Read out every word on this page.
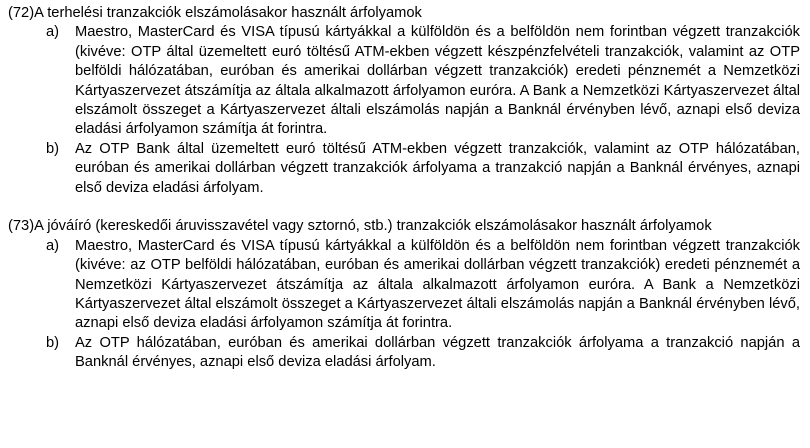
(72)A terhelési tranzakciók elszámolásakor használt árfolyamok
a) Maestro, MasterCard és VISA típusú kártyákkal a külföldön és a belföldön nem forintban végzett tranzakciók (kivéve: OTP által üzemeltett euró töltésű ATM-ekben végzett készpénzfelvételi tranzakciók, valamint az OTP belföldi hálózatában, euróban és amerikai dollárban végzett tranzakciók) eredeti pénznemét a Nemzetközi Kártyaszervezet átszámítja az általa alkalmazott árfolyamon euróra. A Bank a Nemzetközi Kártyaszervezet által elszámolt összeget a Kártyaszervezet általi elszámolás napján a Banknál érvényben lévő, aznapi első deviza eladási árfolyamon számítja át forintra.
b) Az OTP Bank által üzemeltett euró töltésű ATM-ekben végzett tranzakciók, valamint az OTP hálózatában, euróban és amerikai dollárban végzett tranzakciók árfolyama a tranzakció napján a Banknál érvényes, aznapi első deviza eladási árfolyam.
(73)A jóváíró (kereskedői áruvisszavétel vagy sztornó, stb.) tranzakciók elszámolásakor használt árfolyamok
a) Maestro, MasterCard és VISA típusú kártyákkal a külföldön és a belföldön nem forintban végzett tranzakciók (kivéve: az OTP belföldi hálózatában, euróban és amerikai dollárban végzett tranzakciók) eredeti pénznemét a Nemzetközi Kártyaszervezet átszámítja az általa alkalmazott árfolyamon euróra. A Bank a Nemzetközi Kártyaszervezet által elszámolt összeget a Kártyaszervezet általi elszámolás napján a Banknál érvényben lévő, aznapi első deviza eladási árfolyamon számítja át forintra.
b) Az OTP hálózatában, euróban és amerikai dollárban végzett tranzakciók árfolyama a tranzakció napján a Banknál érvényes, aznapi első deviza eladási árfolyam.
